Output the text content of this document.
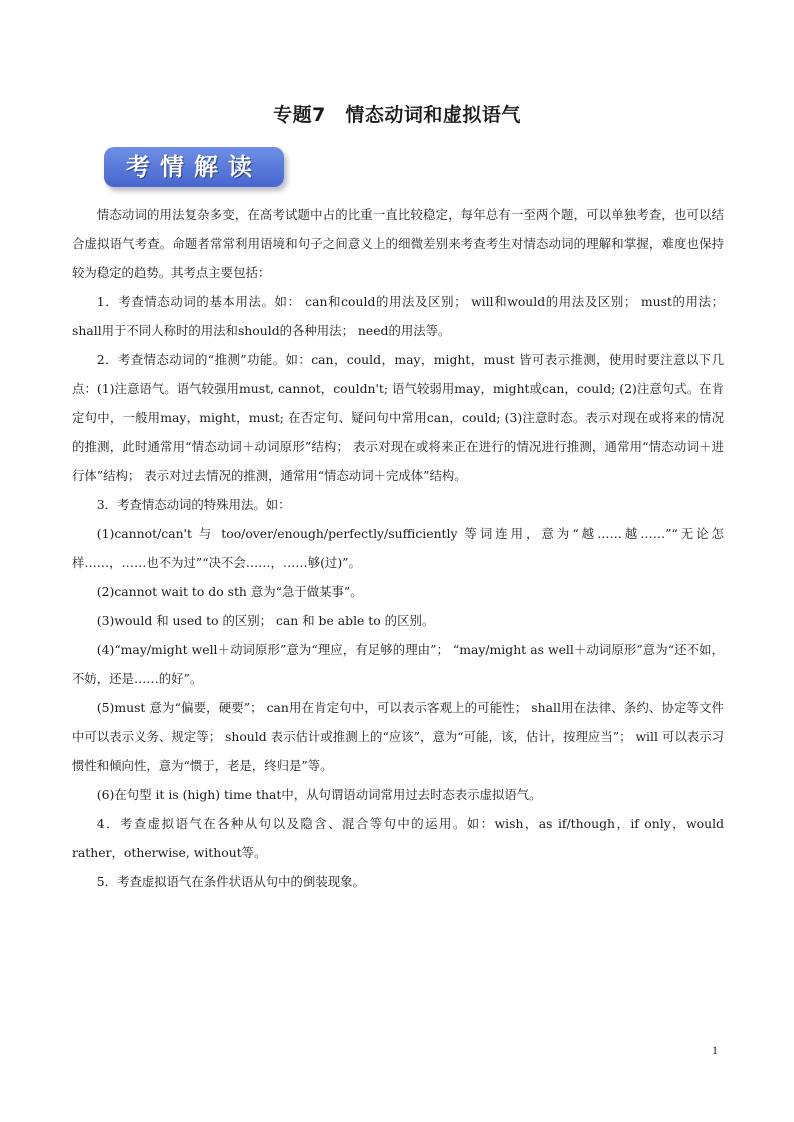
专题7　情态动词和虚拟语气
考情解读

情态动词的用法复杂多变，在高考试题中占的比重一直比较稳定，每年总有一至两个题，可以单独考查，也可以结合虚拟语气考查。命题者常常利用语境和句子之间意义上的细微差别来考查考生对情态动词的理解和掌握，难度也保持较为稳定的趋势。其考点主要包括：

1．考查情态动词的基本用法。如： can和could的用法及区别； will和would的用法及区别； must的用法； shall用于不同人称时的用法和should的各种用法； need的用法等。

2．考查情态动词的“推测”功能。如：can，could，may，might，must 皆可表示推测，使用时要注意以下几点：(1)注意语气。语气较强用must, cannot，couldn't; 语气较弱用may，might或can，could; (2)注意句式。在肯定句中，一般用may，might，must; 在否定句、疑问句中常用can，could; (3)注意时态。表示对现在或将来的情况的推测，此时通常用“情态动词＋动词原形”结构； 表示对现在或将来正在进行的情况进行推测，通常用“情态动词＋进行体”结构； 表示对过去情况的推测，通常用“情态动词＋完成体”结构。

3．考查情态动词的特殊用法。如：

(1)cannot/can't 与 too/over/enough/perfectly/sufficiently 等词连用，意为“越……越……”“无论怎样……，……也不为过”“决不会……，……够(过)”。

(2)cannot wait to do sth 意为“急于做某事”。

(3)would 和 used to 的区别； can 和 be able to 的区别。

(4)“may/might well＋动词原形”意为“理应，有足够的理由”； “may/might as well＋动词原形”意为“还不如，不妨，还是……的好”。

(5)must 意为“偏要，硬要”； can用在肯定句中，可以表示客观上的可能性； shall用在法律、条约、协定等文件中可以表示义务、规定等； should 表示估计或推测上的“应该”，意为“可能，该，估计，按理应当”； will 可以表示习惯性和倾向性，意为“惯于，老是，终归是”等。

(6)在句型 it is (high) time that中，从句谓语动词常用过去时态表示虚拟语气。

4．考查虚拟语气在各种从句以及隐含、混合等句中的运用。如：wish，as if/though，if only，would rather，otherwise, without等。

5．考查虚拟语气在条件状语从句中的倒装现象。

1
